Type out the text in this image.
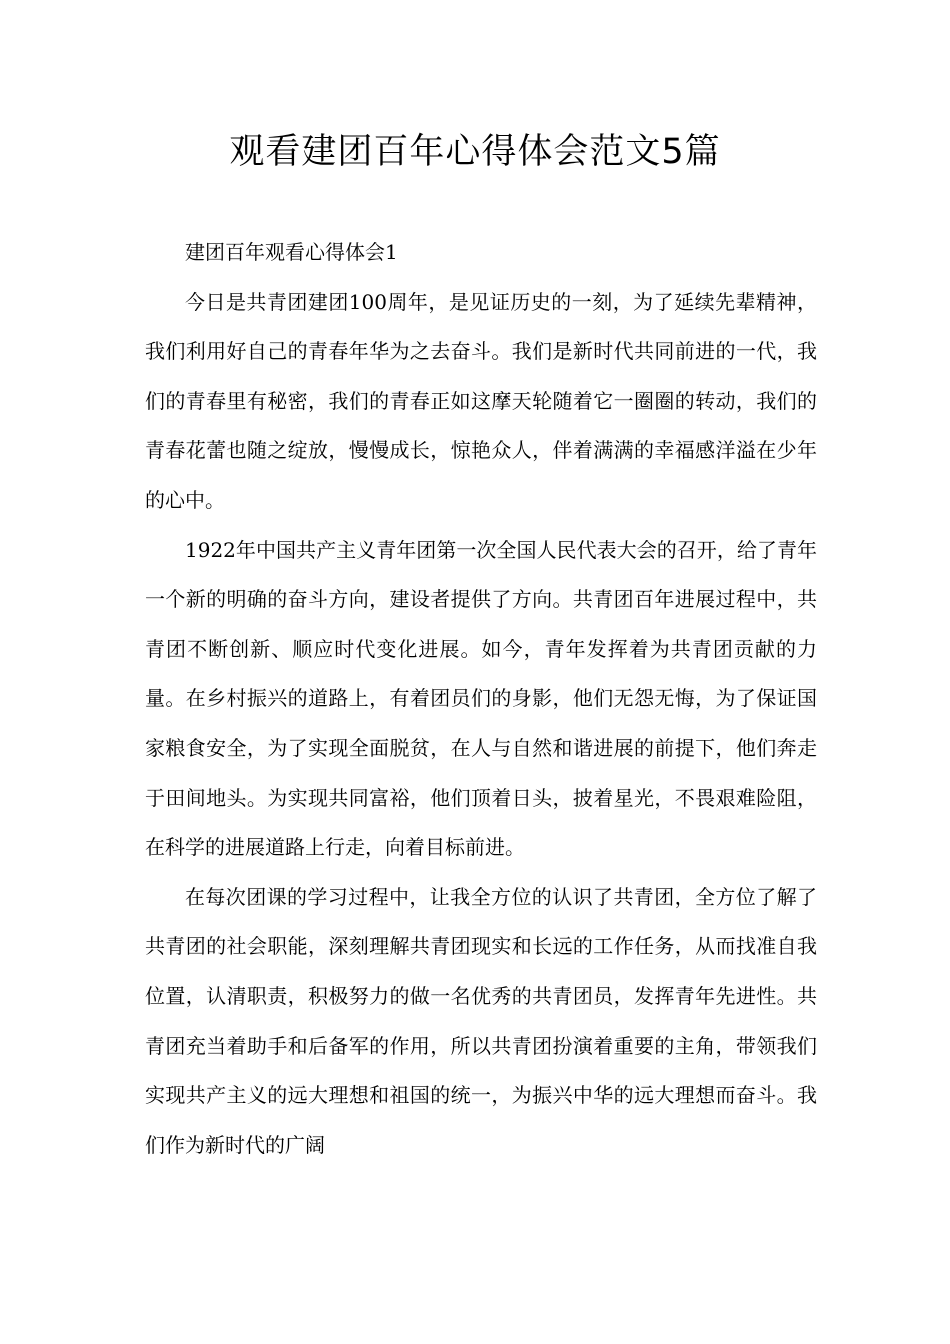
观看建团百年心得体会范文5篇

建团百年观看心得体会1

今日是共青团建团100周年，是见证历史的一刻，为了延续先辈精神，我们利用好自己的青春年华为之去奋斗。我们是新时代共同前进的一代，我们的青春里有秘密，我们的青春正如这摩天轮随着它一圈圈的转动，我们的青春花蕾也随之绽放，慢慢成长，惊艳众人，伴着满满的幸福感洋溢在少年的心中。

1922年中国共产主义青年团第一次全国人民代表大会的召开，给了青年一个新的明确的奋斗方向，建设者提供了方向。共青团百年进展过程中，共青团不断创新、顺应时代变化进展。如今，青年发挥着为共青团贡献的力量。在乡村振兴的道路上，有着团员们的身影，他们无怨无悔，为了保证国家粮食安全，为了实现全面脱贫，在人与自然和谐进展的前提下，他们奔走于田间地头。为实现共同富裕，他们顶着日头，披着星光，不畏艰难险阻，在科学的进展道路上行走，向着目标前进。

在每次团课的学习过程中，让我全方位的认识了共青团，全方位了解了共青团的社会职能，深刻理解共青团现实和长远的工作任务，从而找准自我位置，认清职责，积极努力的做一名优秀的共青团员，发挥青年先进性。共青团充当着助手和后备军的作用，所以共青团扮演着重要的主角，带领我们实现共产主义的远大理想和祖国的统一，为振兴中华的远大理想而奋斗。我们作为新时代的广阔
